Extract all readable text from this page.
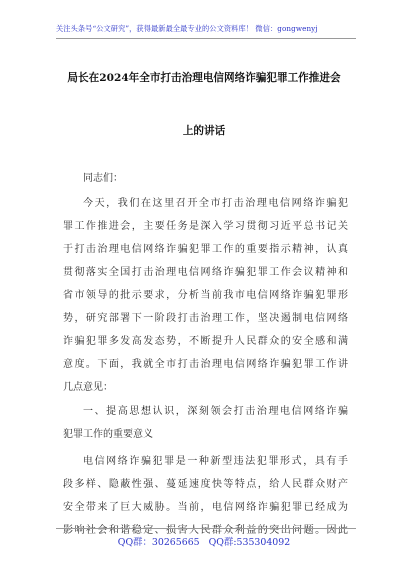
关注头条号“公文研究”，获得最新最全最专业的公文资料库！ 微信：gongwenyj
局长在2024年全市打击治理电信网络诈骗犯罪工作推进会
上的讲话
同志们：
今天，我们在这里召开全市打击治理电信网络诈骗犯
罪工作推进会，主要任务是深入学习贯彻习近平总书记关
于打击治理电信网络诈骗犯罪工作的重要指示精神，认真
贯彻落实全国打击治理电信网络诈骗犯罪工作会议精神和
省市领导的批示要求，分析当前我市电信网络诈骗犯罪形
势，研究部署下一阶段打击治理工作，坚决遏制电信网络
诈骗犯罪多发高发态势，不断提升人民群众的安全感和满
意度。下面，我就全市打击治理电信网络诈骗犯罪工作讲
几点意见：
一、提高思想认识，深刻领会打击治理电信网络诈骗
犯罪工作的重要意义
电信网络诈骗犯罪是一种新型违法犯罪形式，具有手
段多样、隐蔽性强、蔓延速度快等特点，给人民群众财产
安全带来了巨大威胁。当前，电信网络诈骗犯罪已经成为
影响社会和谐稳定、损害人民群众利益的突出问题。因此
QQ群：30265665 QQ群:535304092
